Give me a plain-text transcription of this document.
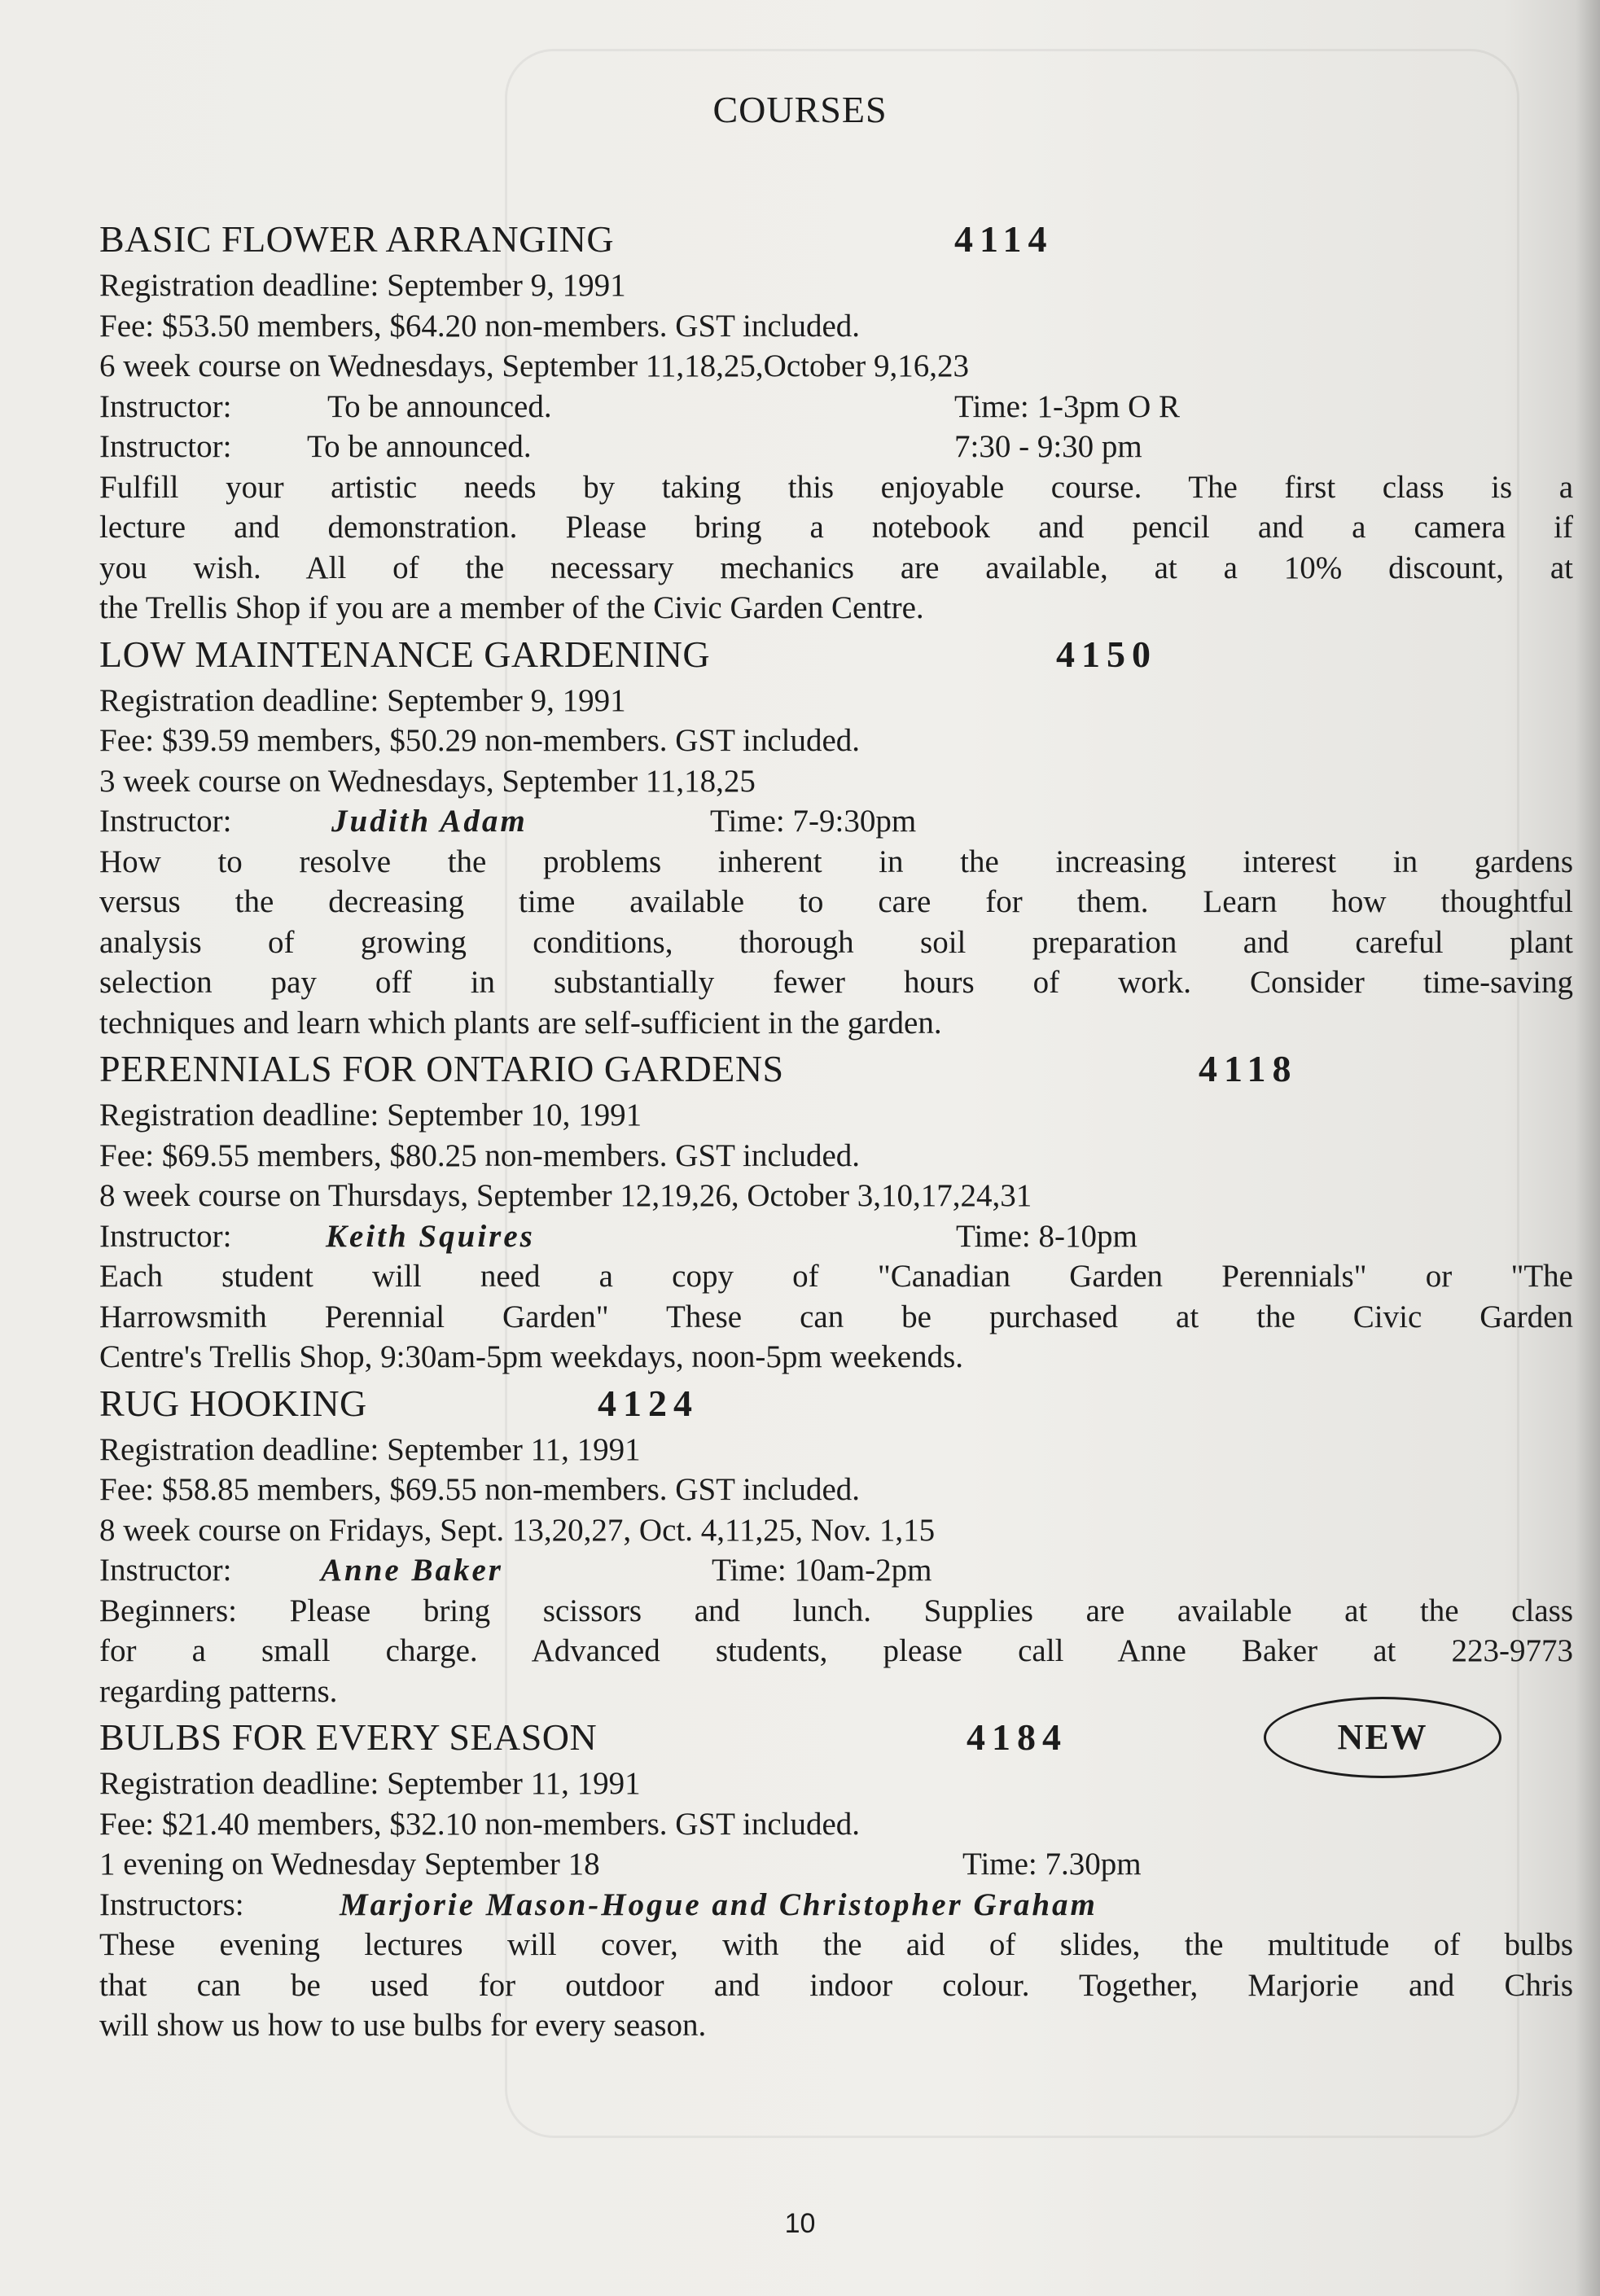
COURSES
BASIC FLOWER ARRANGING	4114
Registration deadline: September 9, 1991
Fee: $53.50 members, $64.20 non-members. GST included.
6 week course on Wednesdays, September 11,18,25,October 9,16,23
Instructor:	To be announced.	Time: 1-3pm O R
Instructor: To be announced.	7:30 - 9:30 pm
Fulfill your artistic needs by taking this enjoyable course. The first class is a
lecture and demonstration. Please bring a notebook and pencil and a camera if
you wish. All of the necessary mechanics are available, at a 10% discount, at
the Trellis Shop if you are a member of the Civic Garden Centre.
LOW MAINTENANCE GARDENING	4150
Registration deadline: September 9, 1991
Fee: $39.59 members, $50.29 non-members. GST included.
3 week course on Wednesdays, September 11,18,25
Instructor:	Judith Adam	Time: 7-9:30pm
How to resolve the problems inherent in the increasing interest in gardens
versus the decreasing time available to care for them. Learn how thoughtful
analysis of growing conditions, thorough soil preparation and careful plant
selection pay off in substantially fewer hours of work. Consider time-saving
techniques and learn which plants are self-sufficient in the garden.
PERENNIALS FOR ONTARIO GARDENS	4118
Registration deadline: September 10, 1991
Fee: $69.55 members, $80.25 non-members. GST included.
8 week course on Thursdays, September 12,19,26, October 3,10,17,24,31
Instructor:	Keith Squires	Time: 8-10pm
Each student will need a copy of "Canadian Garden Perennials" or "The
Harrowsmith Perennial Garden" These can be purchased at the Civic Garden
Centre's Trellis Shop, 9:30am-5pm weekdays, noon-5pm weekends.
RUG HOOKING	4124
Registration deadline: September 11, 1991
Fee: $58.85 members, $69.55 non-members. GST included.
8 week course on Fridays, Sept. 13,20,27, Oct. 4,11,25, Nov. 1,15
Instructor:	Anne Baker	Time: 10am-2pm
Beginners: Please bring scissors and lunch. Supplies are available at the class
for a small charge. Advanced students, please call Anne Baker at 223-9773
regarding patterns.
BULBS FOR EVERY SEASON	4184	NEW
Registration deadline: September 11, 1991
Fee: $21.40 members, $32.10 non-members. GST included.
1 evening on Wednesday September 18	Time: 7.30pm
Instructors:	Marjorie Mason-Hogue and Christopher Graham
These evening lectures will cover, with the aid of slides, the multitude of bulbs
that can be used for outdoor and indoor colour. Together, Marjorie and Chris
will show us how to use bulbs for every season.
10
